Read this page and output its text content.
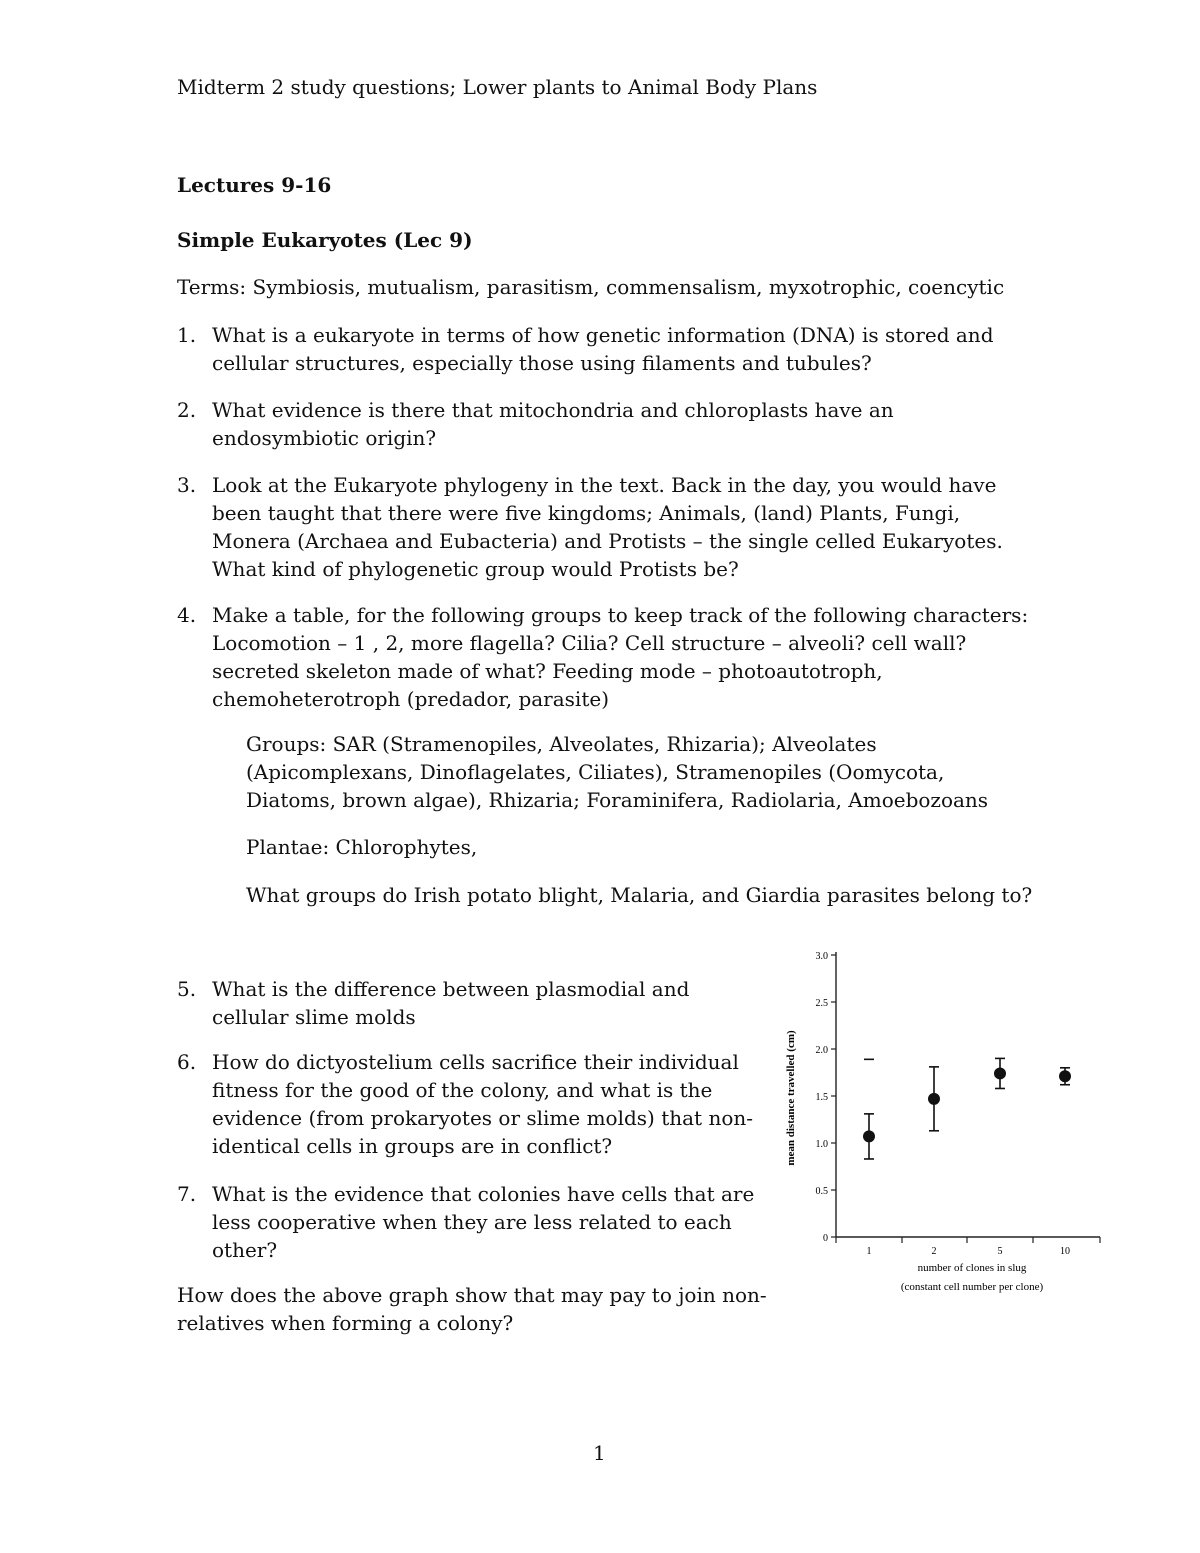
Midterm 2 study questions; Lower plants to Animal Body Plans
Lectures 9-16
Simple Eukaryotes (Lec 9)
Terms: Symbiosis, mutualism, parasitism, commensalism, myxotrophic, coencytic
1. What is a eukaryote in terms of how genetic information (DNA) is stored and
cellular structures, especially those using filaments and tubules?
2. What evidence is there that mitochondria and chloroplasts have an
endosymbiotic origin?
3. Look at the Eukaryote phylogeny in the text. Back in the day, you would have
been taught that there were five kingdoms; Animals, (land) Plants, Fungi,
Monera (Archaea and Eubacteria) and Protists – the single celled Eukaryotes.
What kind of phylogenetic group would Protists be?
4. Make a table, for the following groups to keep track of the following characters:
Locomotion – 1 , 2, more flagella? Cilia? Cell structure – alveoli? cell wall?
secreted skeleton made of what? Feeding mode – photoautotroph,
chemoheterotroph (predador, parasite)
Groups: SAR (Stramenopiles, Alveolates, Rhizaria); Alveolates
(Apicomplexans, Dinoflagelates, Ciliates), Stramenopiles (Oomycota,
Diatoms, brown algae), Rhizaria; Foraminifera, Radiolaria, Amoebozoans
Plantae: Chlorophytes,
What groups do Irish potato blight, Malaria, and Giardia parasites belong to?
5. What is the difference between plasmodial and
cellular slime molds
6. How do dictyostelium cells sacrifice their individual
fitness for the good of the colony, and what is the
evidence (from prokaryotes or slime molds) that non-
identical cells in groups are in conflict?
7. What is the evidence that colonies have cells that are
less cooperative when they are less related to each
other?
How does the above graph show that may pay to join non-
relatives when forming a colony?
1
0
0.5
1.0
1.5
2.0
2.5
3.0
1	2	5	10
mean distance travelled (cm)
number of clones in slug
(constant cell number per clone)
